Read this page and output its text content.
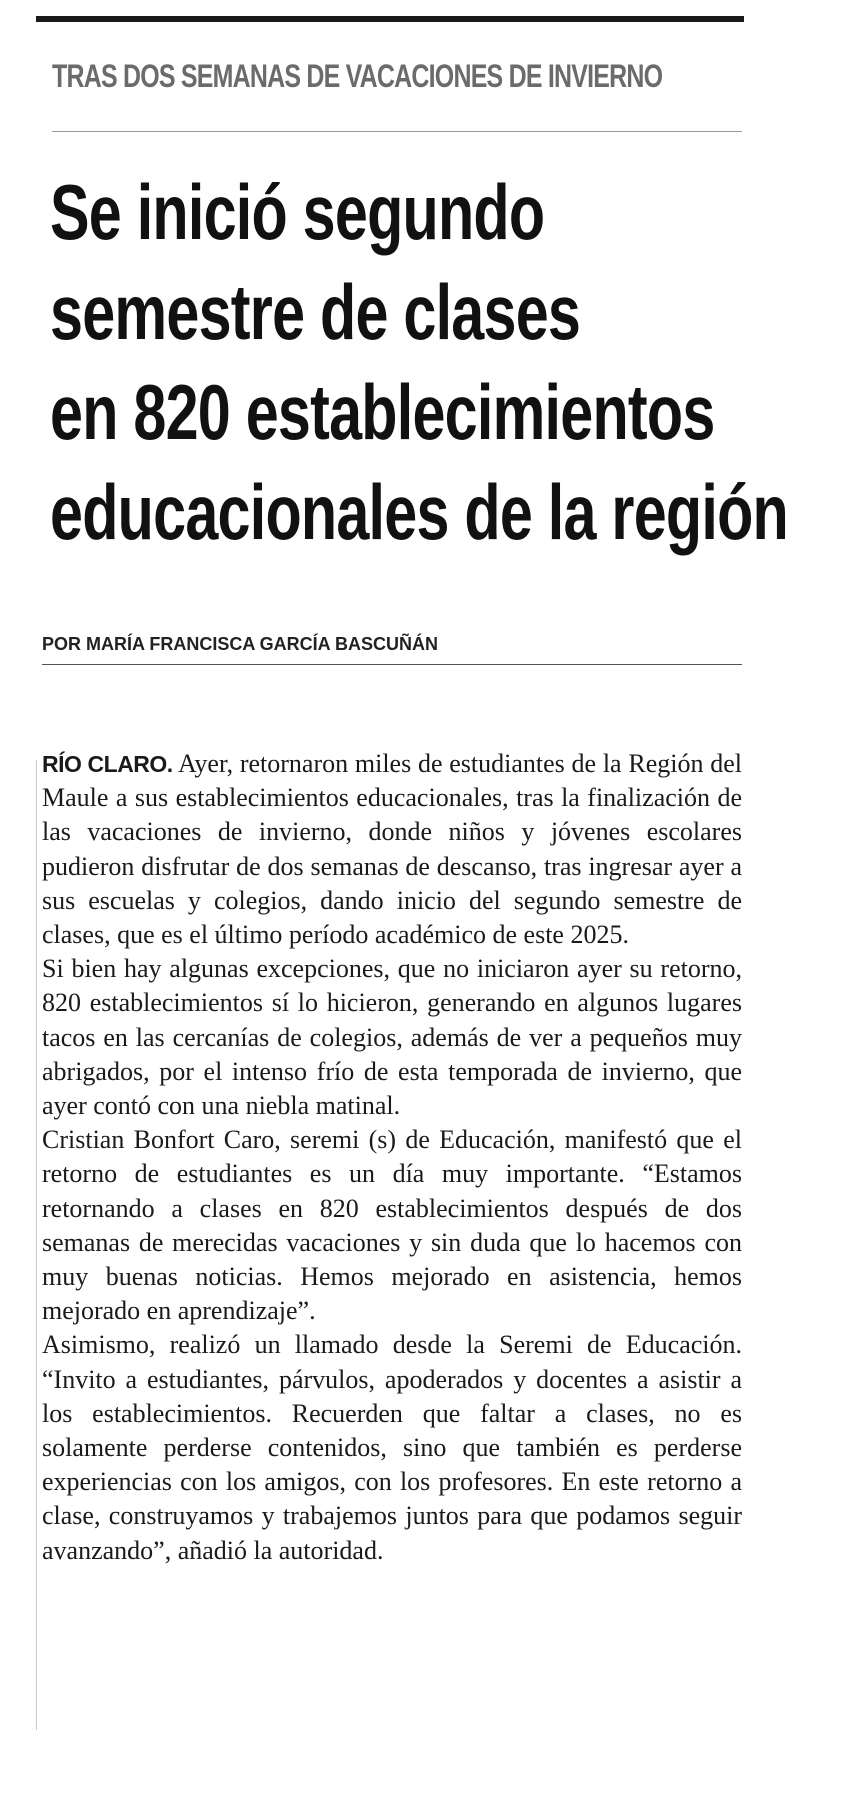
TRAS DOS SEMANAS DE VACACIONES DE INVIERNO
Se inició segundo
semestre de clases
en 820 establecimientos
educacionales de la región
POR MARÍA FRANCISCA GARCÍA BASCUÑÁN

RÍO CLARO. Ayer, retornaron miles de estudiantes de la Región del Maule a sus establecimientos educacionales, tras la finalización de las vacaciones de invierno, donde niños y jóvenes escolares pudieron disfrutar de dos semanas de descanso, tras ingresar ayer a sus escuelas y colegios, dando inicio del segundo semestre de clases, que es el último período académico de este 2025.

Si bien hay algunas excepciones, que no iniciaron ayer su retorno, 820 establecimientos sí lo hicieron, generando en algunos lugares tacos en las cercanías de colegios, además de ver a pequeños muy abrigados, por el intenso frío de esta temporada de invierno, que ayer contó con una niebla matinal.

Cristian Bonfort Caro, seremi (s) de Educación, manifestó que el retorno de estudiantes es un día muy importante. “Estamos retornando a clases en 820 establecimientos después de dos semanas de merecidas vacaciones y sin duda que lo hacemos con muy buenas noticias. Hemos mejorado en asistencia, hemos mejorado en aprendizaje”.

Asimismo, realizó un llamado desde la Seremi de Educación. “Invito a estudiantes, párvulos, apoderados y docentes a asistir a los establecimientos. Recuerden que faltar a clases, no es solamente perderse contenidos, sino que también es perderse experiencias con los amigos, con los profesores. En este retorno a clase, construyamos y trabajemos juntos para que podamos seguir avanzando”, añadió la autoridad.
